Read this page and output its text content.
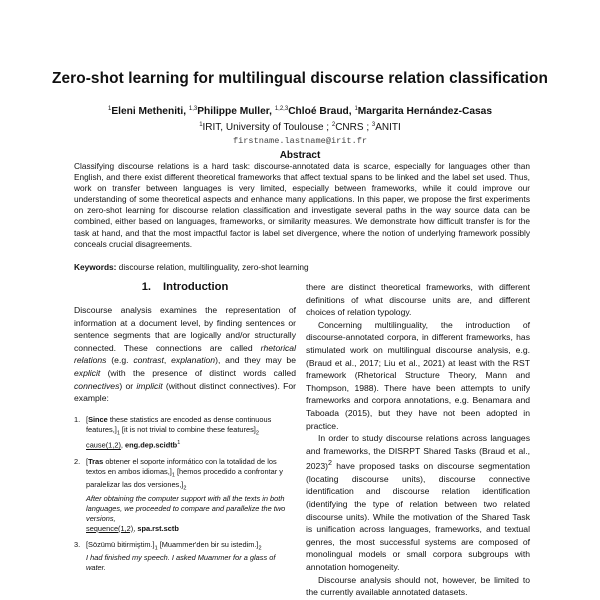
Zero-shot learning for multilingual discourse relation classification
$^1$Eleni Metheniti, $^{1,3}$Philippe Muller, $^{1,2,3}$Chloé Braud, $^1$Margarita Hernández-Casas
$^1$IRIT, University of Toulouse ; $^2$CNRS ; $^3$ANITI
firstname.lastname@irit.fr
Abstract

Classifying discourse relations is a hard task: discourse-annotated data is scarce, especially for languages other than English, and there exist different theoretical frameworks that affect textual spans to be linked and the label set used. Thus, work on transfer between languages is very limited, especially between frameworks, while it could improve our understanding of some theoretical aspects and enhance many applications. In this paper, we propose the first experiments on zero-shot learning for discourse relation classification and investigate several paths in the way source data can be combined, either based on languages, frameworks, or similarity measures. We demonstrate how difficult transfer is for the task at hand, and that the most impactful factor is label set divergence, where the notion of underlying framework possibly conceals crucial disagreements.

Keywords: discourse relation, multilinguality, zero-shot learning

1. Introduction

Discourse analysis examines the representation of information at a document level, by finding sentences or sentence segments that are logically and/or structurally connected. These connections are called rhetorical relations (e.g. contrast, explanation), and they may be explicit (with the presence of distinct words called connectives) or implicit (without distinct connectives). For example:

1. [Since these statistics are encoded as dense continuous $features,]_1$ [it is not trivial to combine these $features]_2$

cause(1,2), eng.dep.scidtb$^1$

2. [Tras obtener el soporte informático con la totalidad de los textos en ambos $idiomas,]_1$ [hemos procedido a confrontar y paralelizar las dos $versiones,]_2$

After obtaining the computer support with all the texts in both languages, we proceeded to compare and parallelize the two versions,

sequence(1,2), spa.rst.sctb

3. [Sözümü $bitirmiştim.]_1$ [Muammer'den bir su $istedim.]_2$

I had finished my speech. I asked Muammer for a glass of water.

there are distinct theoretical frameworks, with different definitions of what discourse units are, and different choices of relation typology.

Concerning multilinguality, the introduction of discourse-annotated corpora, in different frameworks, has stimulated work on multilingual discourse analysis, e.g. (Braud et al., 2017; Liu et al., 2021) at least with the RST framework (Rhetorical Structure Theory, Mann and Thompson, 1988). There have been attempts to unify frameworks and corpora annotations, e.g. Benamara and Taboada (2015), but they have not been adopted in practice.

In order to study discourse relations across languages and frameworks, the DISRPT Shared Tasks (Braud et al., 2023)$^2$ have proposed tasks on discourse segmentation (locating discourse units), discourse connective identification and discourse relation identification (identifying the type of relation between two related discourse units). While the motivation of the Shared Task is unification across languages, frameworks, and textual genres, the most successful systems are composed of monolingual models or small corpora subgroups with annotation homogeneity.

Discourse analysis should not, however, be limited to the currently available annotated datasets.
